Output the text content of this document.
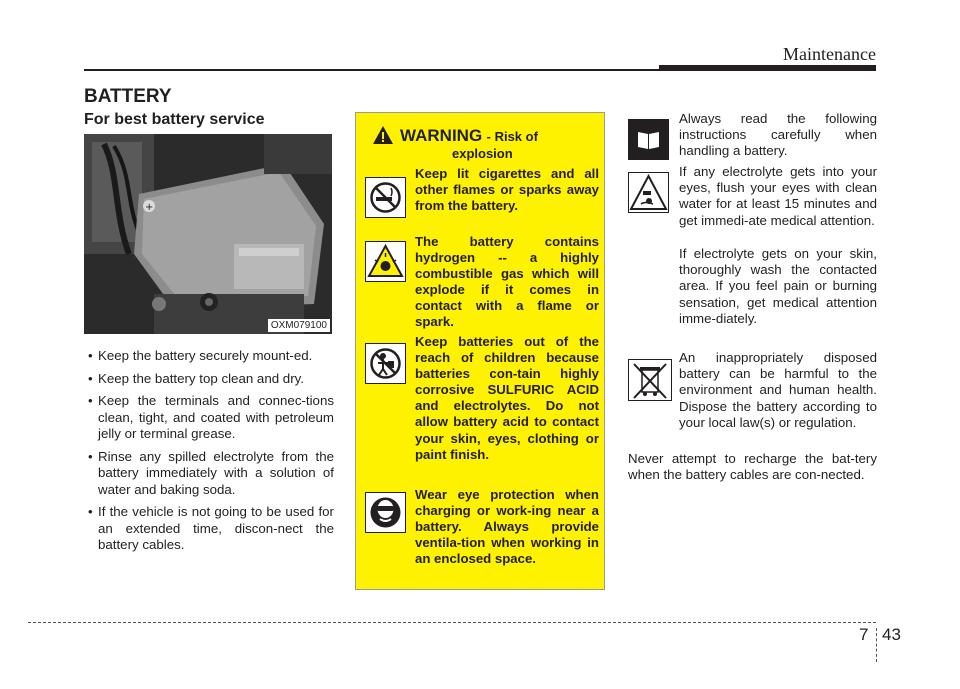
Maintenance
BATTERY
For best battery service
+
OXM079100
• Keep the battery securely mount-ed.
• Keep the battery top clean and dry.
• Keep the terminals and connec-tions clean, tight, and coated with petroleum jelly or terminal grease.
• Rinse any spilled electrolyte from the battery immediately with a solution of water and baking soda.
• If the vehicle is not going to be used for an extended time, discon-nect the battery cables.
WARNING - Risk of
explosion
Keep lit cigarettes and all other flames or sparks away from the battery.
The battery contains hydrogen -- a highly combustible gas which will explode if it comes in contact with a flame or spark.
Keep batteries out of the reach of children because batteries con-tain highly corrosive SULFURIC ACID and electrolytes. Do not allow battery acid to contact your skin, eyes, clothing or paint finish.
Wear eye protection when charging or work-ing near a battery. Always provide ventila-tion when working in an enclosed space.
Always read the following instructions carefully when handling a battery.
If any electrolyte gets into your eyes, flush your eyes with clean water for at least 15 minutes and get immedi-ate medical attention.
If electrolyte gets on your skin, thoroughly wash the contacted area. If you feel pain or burning sensation, get medical attention imme-diately.
An inappropriately disposed battery can be harmful to the environment and human health. Dispose the battery according to your local law(s) or regulation.
Never attempt to recharge the bat-tery when the battery cables are con-nected.
7 43
